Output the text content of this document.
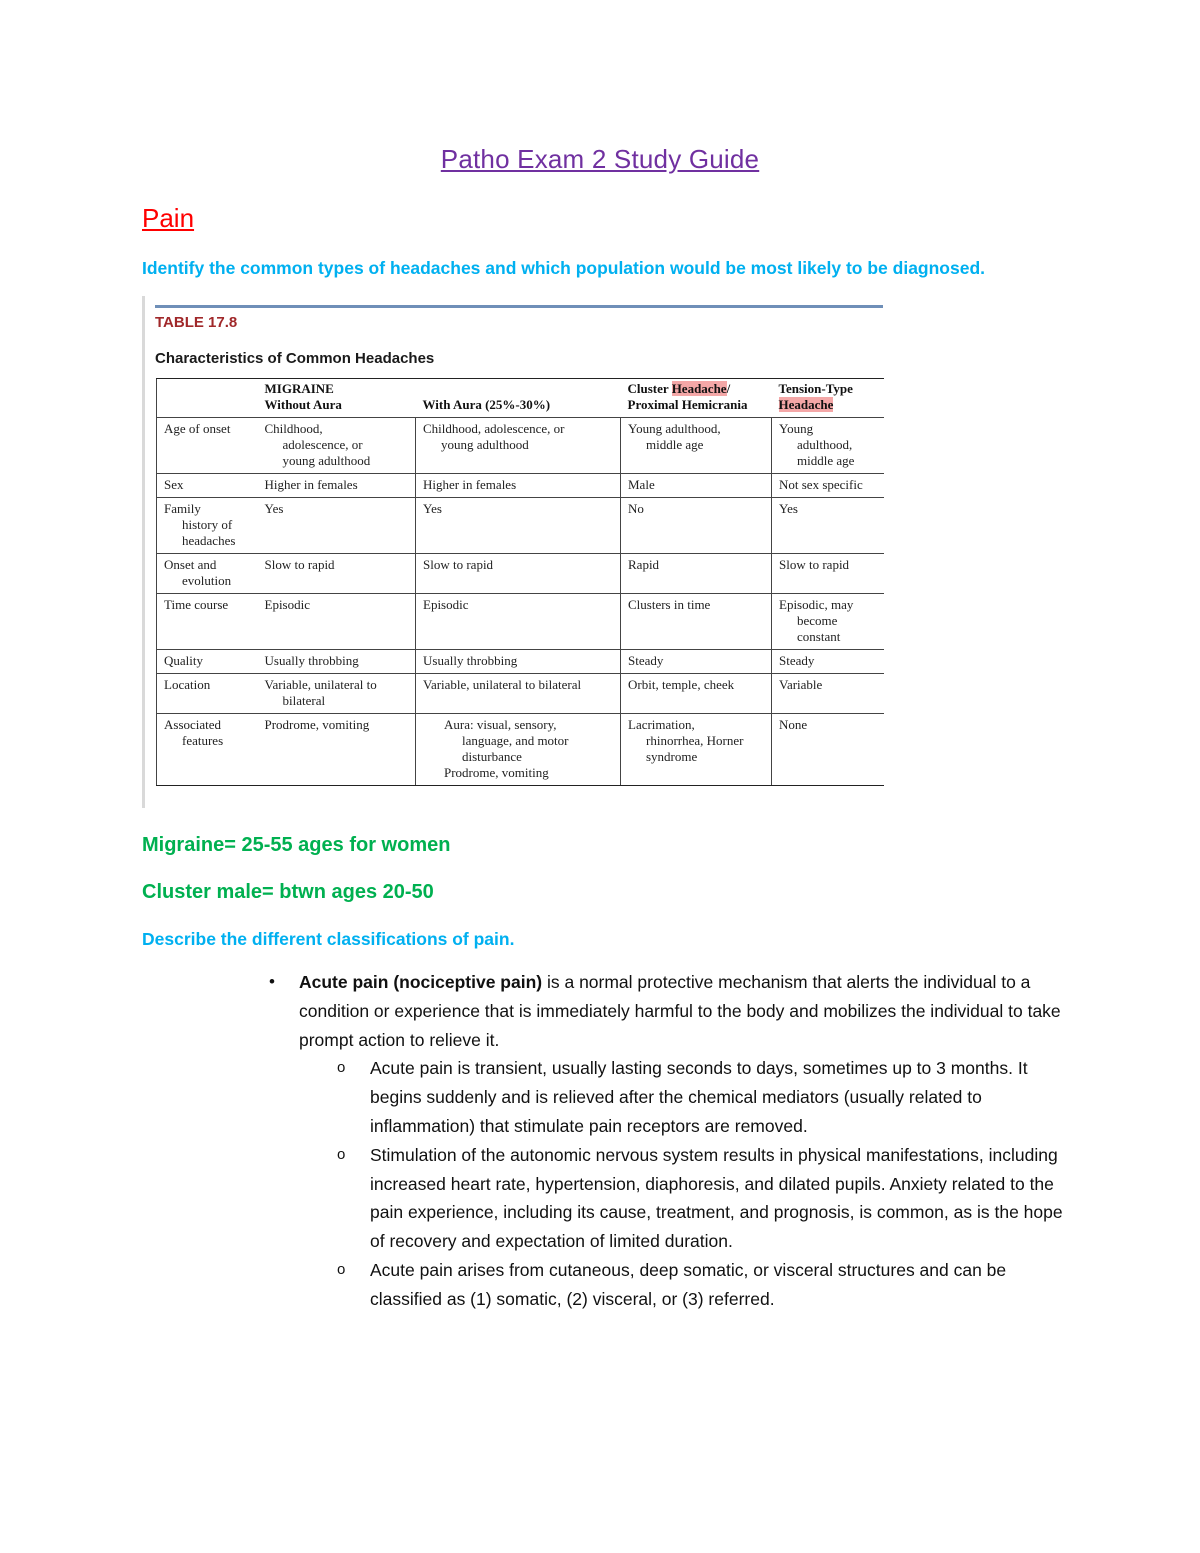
Patho Exam 2 Study Guide
Pain
Identify the common types of headaches and which population would be most likely to be diagnosed.
TABLE 17.8
Characteristics of Common Headaches

	MIGRAINE
Without Aura	With Aura (25%-30%)	Cluster Headache/
Proximal Hemicrania	Tension-Type
Headache

Age of onset	Childhood,
adolescence, or
young adulthood	Childhood, adolescence, or
young adulthood	Young adulthood,
middle age	Young
adulthood,
middle age

Sex	Higher in females	Higher in females	Male	Not sex specific

Family
history of
headaches	Yes	Yes	No	Yes

Onset and
evolution	Slow to rapid	Slow to rapid	Rapid	Slow to rapid

Time course	Episodic	Episodic	Clusters in time	Episodic, may
become
constant

Quality	Usually throbbing	Usually throbbing	Steady	Steady

Location	Variable, unilateral to
bilateral	Variable, unilateral to bilateral	Orbit, temple, cheek	Variable

Associated
features	Prodrome, vomiting	Aura: visual, sensory,
language, and motor
disturbance
Prodrome, vomiting	Lacrimation,
rhinorrhea, Horner
syndrome	None
Migraine= 25-55 ages for women
Cluster male= btwn ages 20-50
Describe the different classifications of pain.
•	Acute pain (nociceptive pain) is a normal protective mechanism that alerts the individual to a condition or experience that is immediately harmful to the body and mobilizes the individual to take prompt action to relieve it.
o Acute pain is transient, usually lasting seconds to days, sometimes up to 3 months. It begins suddenly and is relieved after the chemical mediators (usually related to inflammation) that stimulate pain receptors are removed.
o Stimulation of the autonomic nervous system results in physical manifestations, including increased heart rate, hypertension, diaphoresis, and dilated pupils. Anxiety related to the pain experience, including its cause, treatment, and prognosis, is common, as is the hope of recovery and expectation of limited duration.
o Acute pain arises from cutaneous, deep somatic, or visceral structures and can be classified as (1) somatic, (2) visceral, or (3) referred.
